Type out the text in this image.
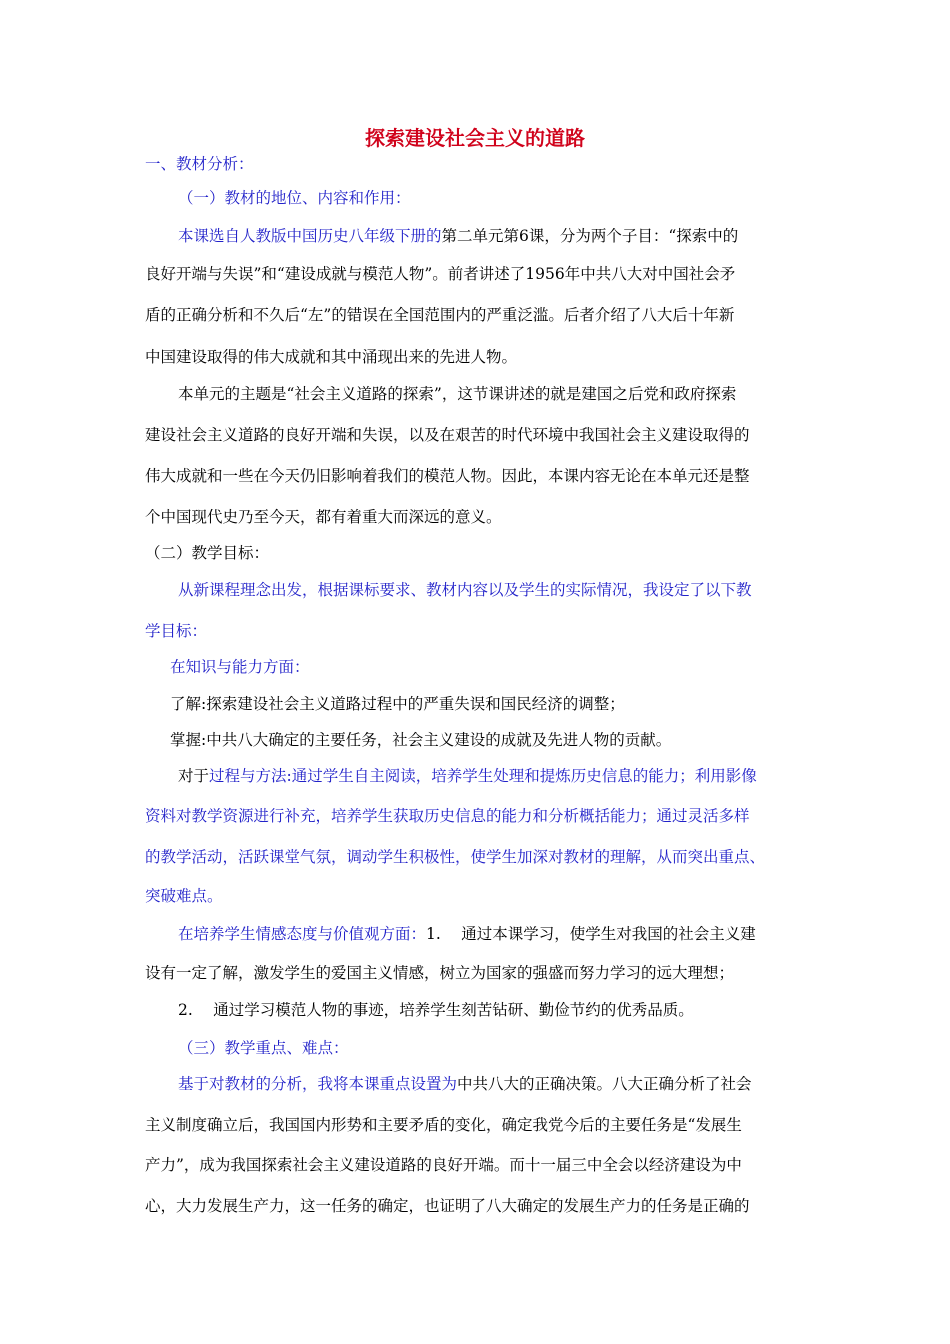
探索建设社会主义的道路
一、教材分析：
（一）教材的地位、内容和作用：
本课选自人教版中国历史八年级下册的第二单元第6课，分为两个子目：“探索中的
良好开端与失误”和“建设成就与模范人物”。前者讲述了1956年中共八大对中国社会矛
盾的正确分析和不久后“左”的错误在全国范围内的严重泛滥。后者介绍了八大后十年新
中国建设取得的伟大成就和其中涌现出来的先进人物。
本单元的主题是“社会主义道路的探索”，这节课讲述的就是建国之后党和政府探索
建设社会主义道路的良好开端和失误，以及在艰苦的时代环境中我国社会主义建设取得的
伟大成就和一些在今天仍旧影响着我们的模范人物。因此，本课内容无论在本单元还是整
个中国现代史乃至今天，都有着重大而深远的意义。
（二）教学目标：
从新课程理念出发，根据课标要求、教材内容以及学生的实际情况，我设定了以下教
学目标：
在知识与能力方面：
了解:探索建设社会主义道路过程中的严重失误和国民经济的调整；
掌握:中共八大确定的主要任务，社会主义建设的成就及先进人物的贡献。
对于过程与方法:通过学生自主阅读，培养学生处理和提炼历史信息的能力；利用影像
资料对教学资源进行补充，培养学生获取历史信息的能力和分析概括能力；通过灵活多样
的教学活动，活跃课堂气氛，调动学生积极性，使学生加深对教材的理解，从而突出重点、
突破难点。
在培养学生情感态度与价值观方面：1.　 通过本课学习，使学生对我国的社会主义建
设有一定了解，激发学生的爱国主义情感，树立为国家的强盛而努力学习的远大理想；
2.　 通过学习模范人物的事迹，培养学生刻苦钻研、勤俭节约的优秀品质。
（三）教学重点、难点：
基于对教材的分析，我将本课重点设置为中共八大的正确决策。八大正确分析了社会
主义制度确立后，我国国内形势和主要矛盾的变化，确定我党今后的主要任务是“发展生
产力”，成为我国探索社会主义建设道路的良好开端。而十一届三中全会以经济建设为中
心，大力发展生产力，这一任务的确定，也证明了八大确定的发展生产力的任务是正确的
